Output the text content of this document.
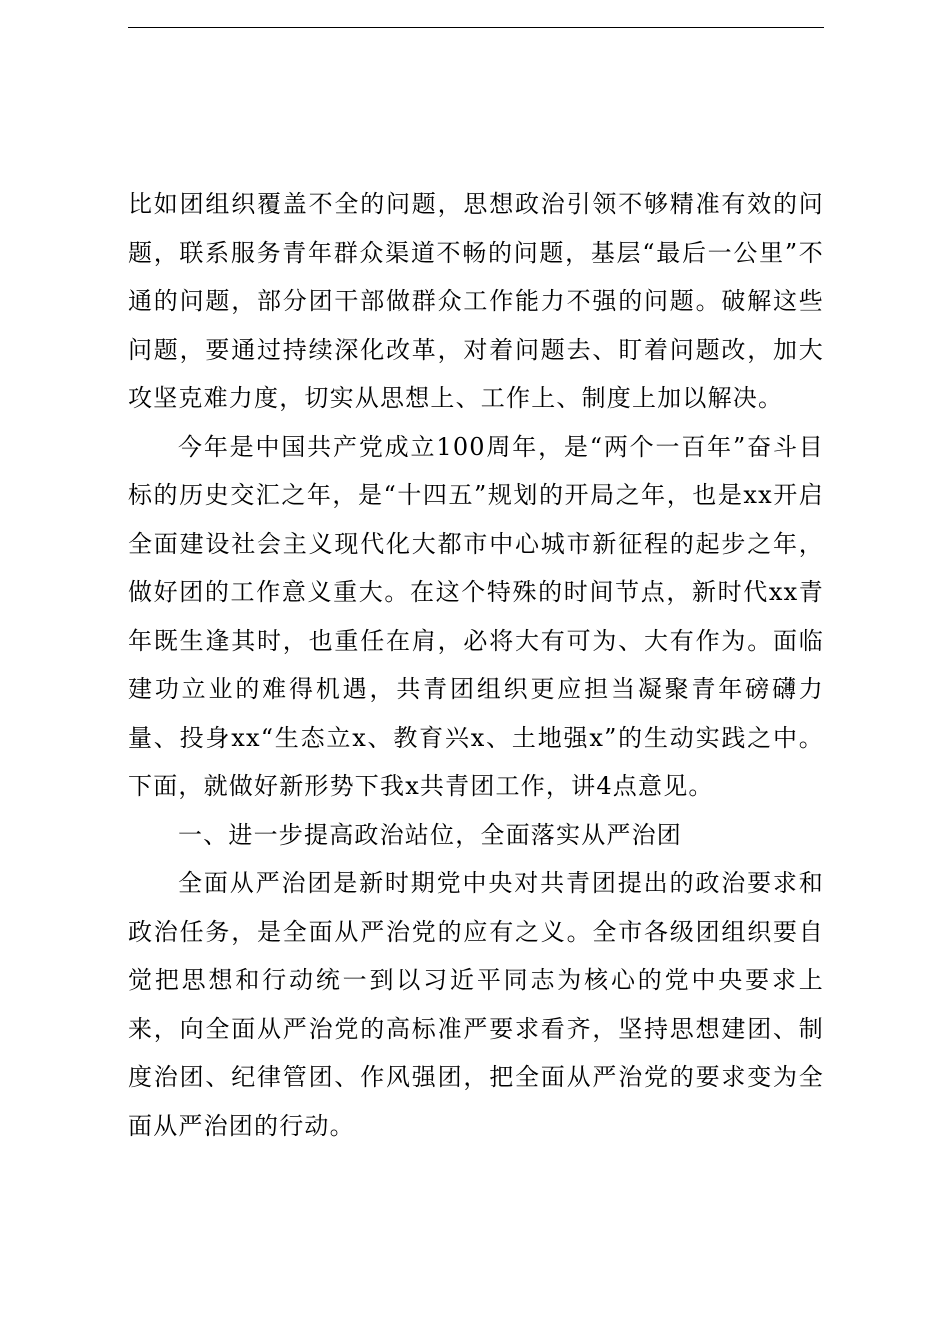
比如团组织覆盖不全的问题，思想政治引领不够精准有效的问题，联系服务青年群众渠道不畅的问题，基层“最后一公里”不通的问题，部分团干部做群众工作能力不强的问题。破解这些问题，要通过持续深化改革，对着问题去、盯着问题改，加大攻坚克难力度，切实从思想上、工作上、制度上加以解决。

今年是中国共产党成立100周年，是“两个一百年”奋斗目标的历史交汇之年，是“十四五”规划的开局之年，也是xx开启全面建设社会主义现代化大都市中心城市新征程的起步之年，做好团的工作意义重大。在这个特殊的时间节点，新时代xx青年既生逢其时，也重任在肩，必将大有可为、大有作为。面临建功立业的难得机遇，共青团组织更应担当凝聚青年磅礴力量、投身xx“生态立x、教育兴x、土地强x”的生动实践之中。下面，就做好新形势下我x共青团工作，讲4点意见。

一、进一步提高政治站位，全面落实从严治团

全面从严治团是新时期党中央对共青团提出的政治要求和政治任务，是全面从严治党的应有之义。全市各级团组织要自觉把思想和行动统一到以习近平同志为核心的党中央要求上来，向全面从严治党的高标准严要求看齐，坚持思想建团、制度治团、纪律管团、作风强团，把全面从严治党的要求变为全面从严治团的行动。
